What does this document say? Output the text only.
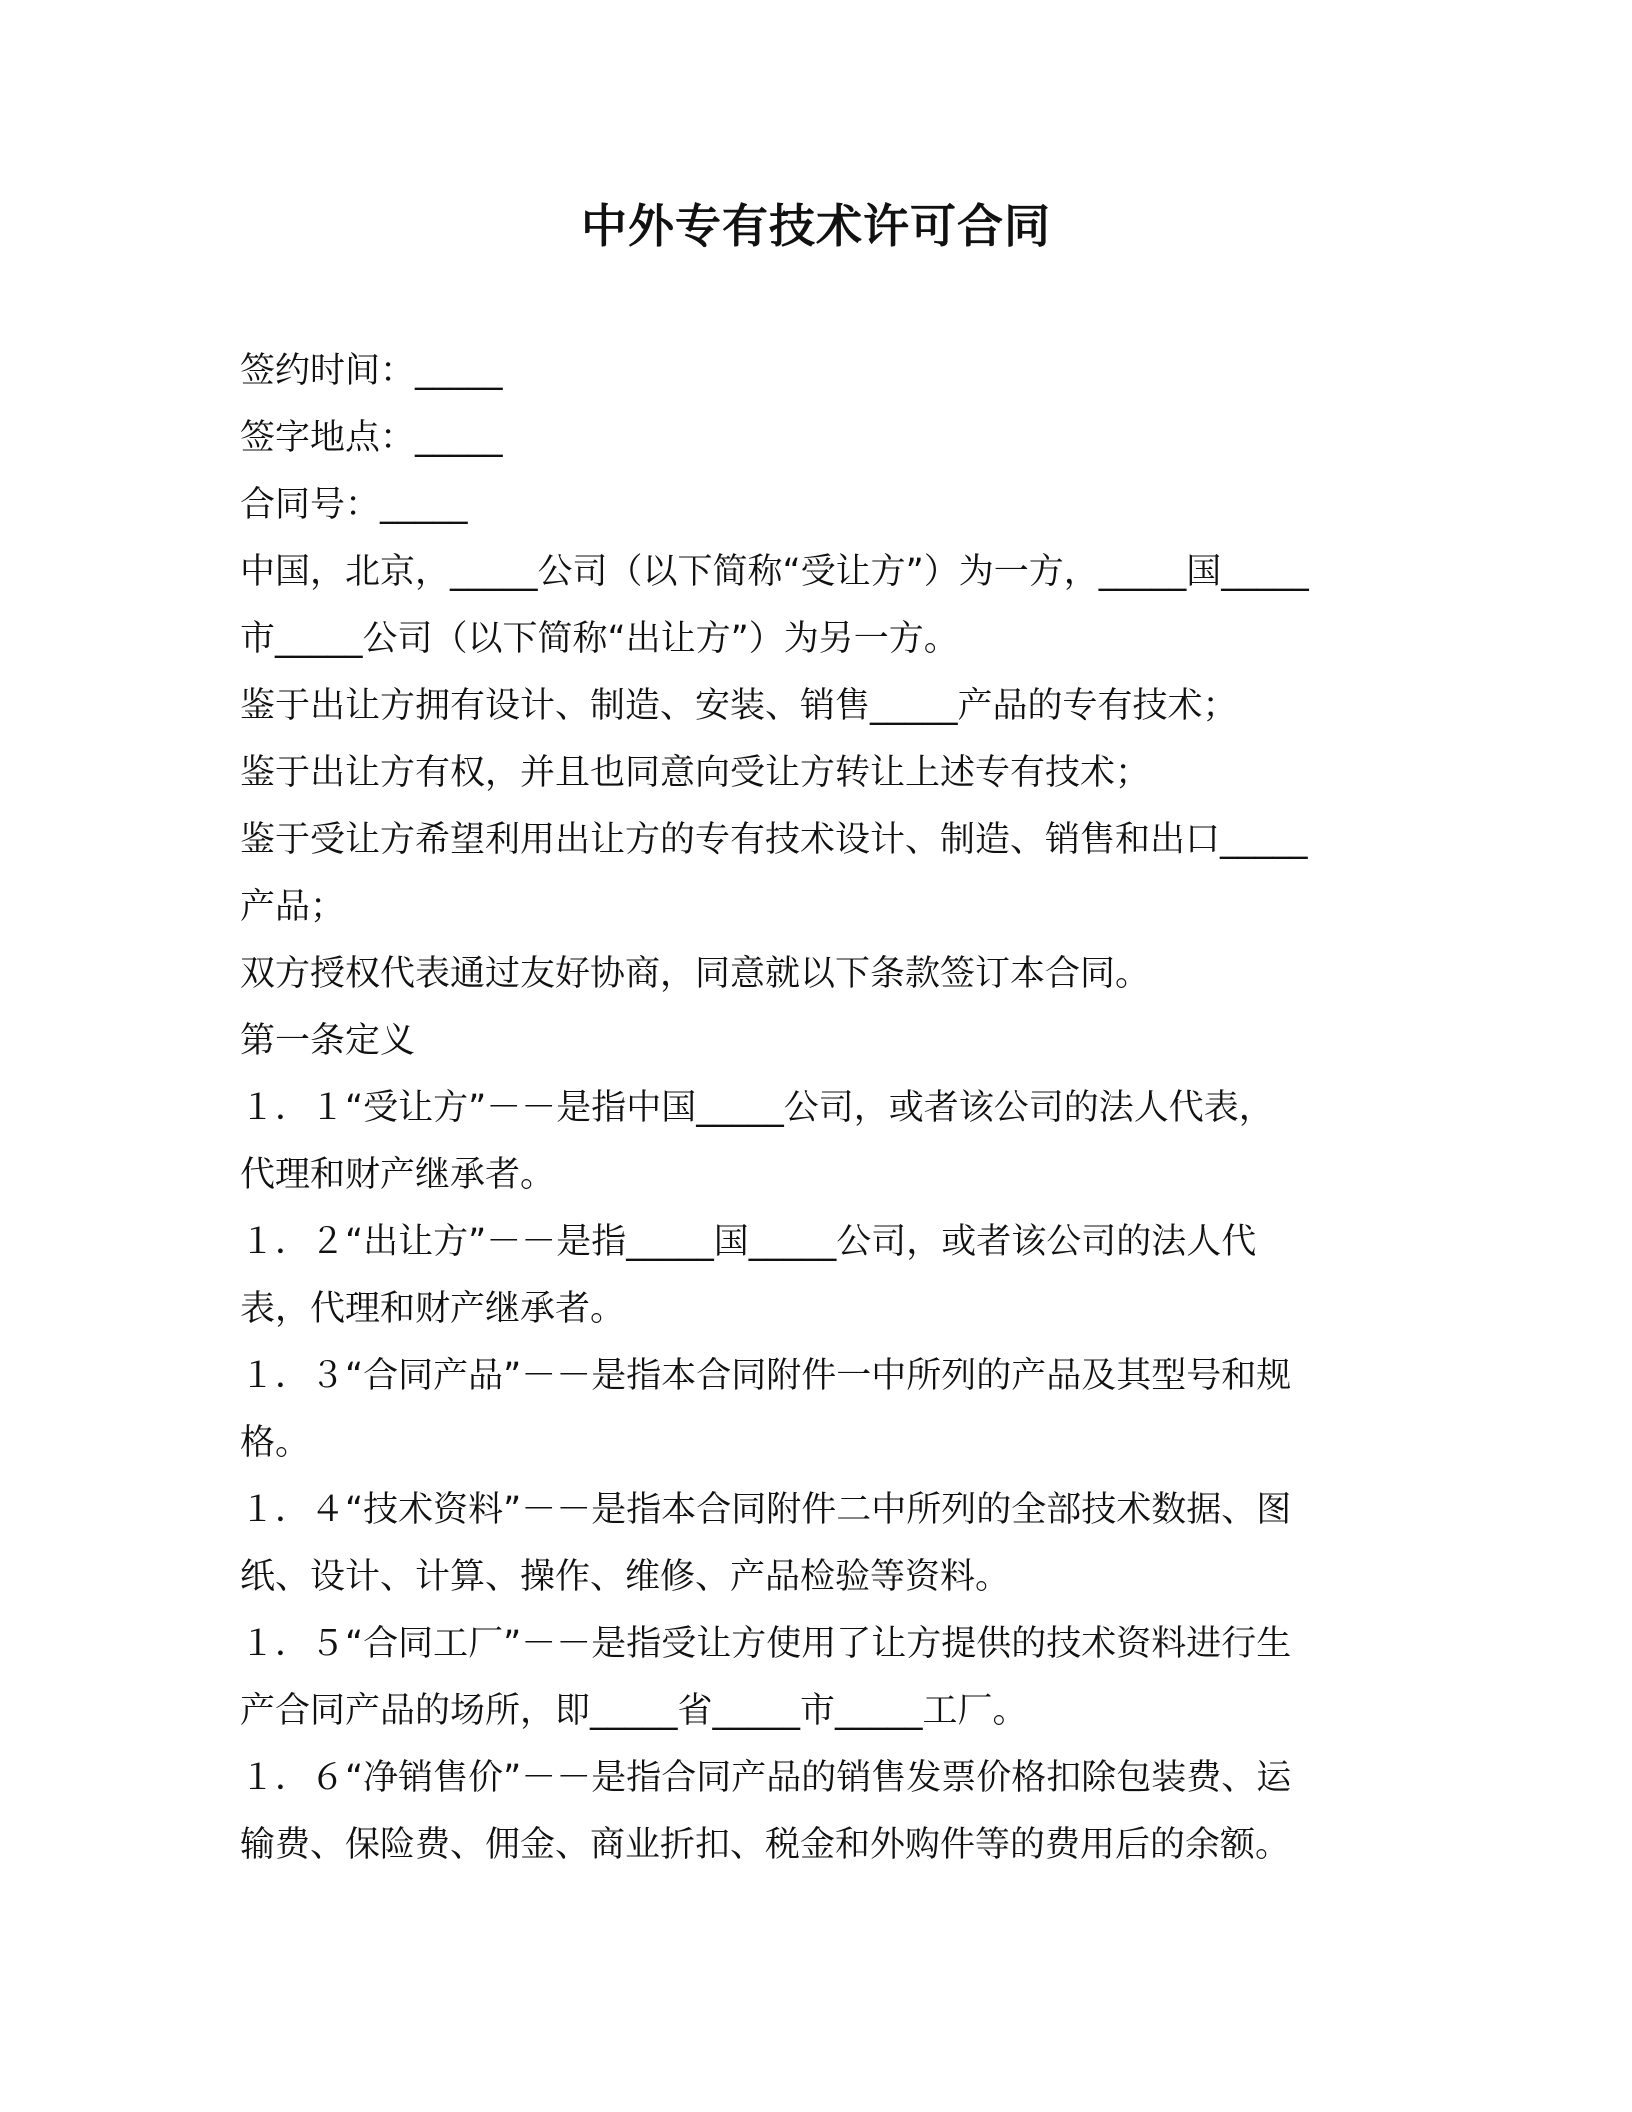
中外专有技术许可合同
签约时间：_____
签字地点：_____
合同号：_____
中国，北京，_____公司（以下简称“受让方”）为一方，_____国_____
市_____公司（以下简称“出让方”）为另一方。
鉴于出让方拥有设计、制造、安装、销售_____产品的专有技术；
鉴于出让方有权，并且也同意向受让方转让上述专有技术；
鉴于受让方希望利用出让方的专有技术设计、制造、销售和出口_____
产品；
双方授权代表通过友好协商，同意就以下条款签订本合同。
第一条定义
１．１“受让方”－－是指中国_____公司，或者该公司的法人代表，
代理和财产继承者。
１．２“出让方”－－是指_____国_____公司，或者该公司的法人代
表，代理和财产继承者。
１．３“合同产品”－－是指本合同附件一中所列的产品及其型号和规
格。
１．４“技术资料”－－是指本合同附件二中所列的全部技术数据、图
纸、设计、计算、操作、维修、产品检验等资料。
１．５“合同工厂”－－是指受让方使用了让方提供的技术资料进行生
产合同产品的场所，即_____省_____市_____工厂。
１．６“净销售价”－－是指合同产品的销售发票价格扣除包装费、运
输费、保险费、佣金、商业折扣、税金和外购件等的费用后的余额。
